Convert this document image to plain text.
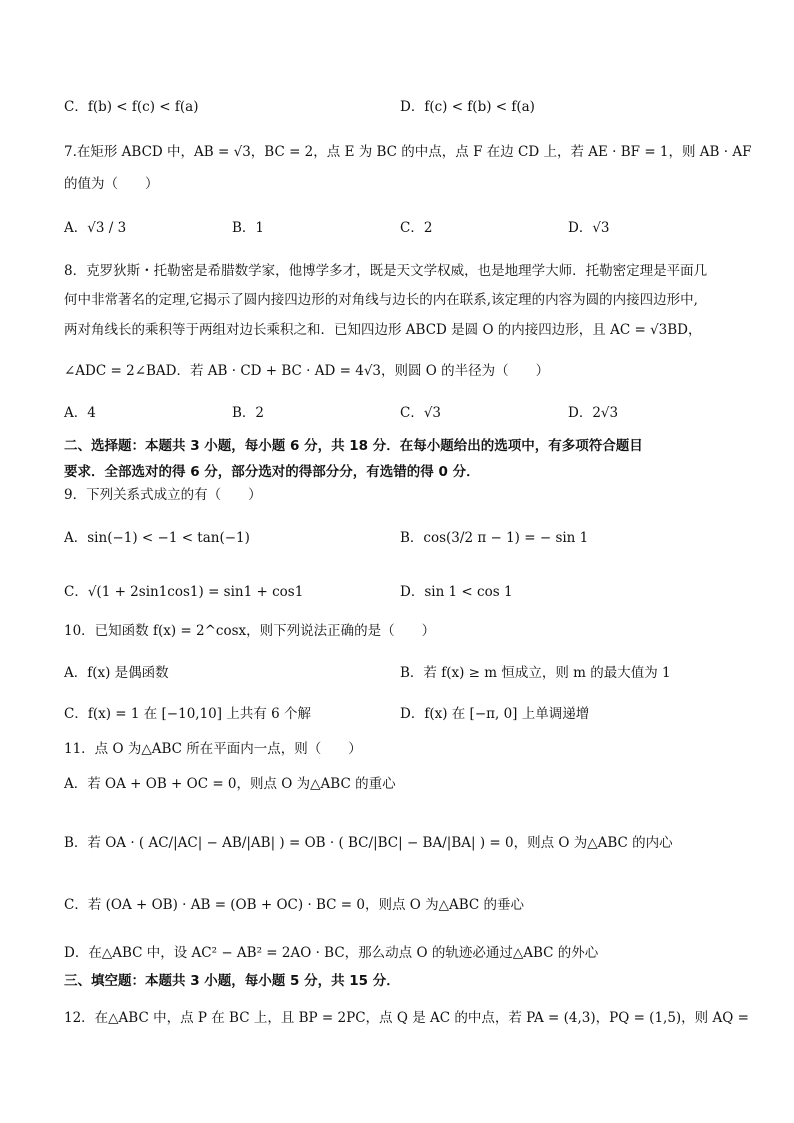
C．f(b) < f(c) < f(a)	D．f(c) < f(b) < f(a)
7.在矩形 ABCD 中，AB = √3，BC = 2，点 E 为 BC 的中点，点 F 在边 CD 上，若 AE · BF = 1，则 AB · AF
的值为（　　）
A．√3 / 3	B．1	C．2	D．√3
8．克罗狄斯・托勒密是希腊数学家，他博学多才，既是天文学权威，也是地理学大师．托勒密定理是平面几
何中非常著名的定理,它揭示了圆内接四边形的对角线与边长的内在联系,该定理的内容为圆的内接四边形中,
两对角线长的乘积等于两组对边长乘积之和．已知四边形 ABCD 是圆 O 的内接四边形，且 AC = √3BD，
∠ADC = 2∠BAD．若 AB · CD + BC · AD = 4√3，则圆 O 的半径为（　　）
A．4	B．2	C．√3	D．2√3
二、选择题：本题共 3 小题，每小题 6 分，共 18 分．在每小题给出的选项中，有多项符合题目
要求．全部选对的得 6 分，部分选对的得部分分，有选错的得 0 分．
9．下列关系式成立的有（　　）
A．sin(−1) < −1 < tan(−1)	B．cos(3/2 π − 1) = − sin 1
C．√(1 + 2sin1cos1) = sin1 + cos1	D．sin 1 < cos 1
10．已知函数 f(x) = 2^cosx，则下列说法正确的是（　　）
A．f(x) 是偶函数	B．若 f(x) ≥ m 恒成立，则 m 的最大值为 1
C．f(x) = 1 在 [−10,10] 上共有 6 个解	D．f(x) 在 [−π, 0] 上单调递增
11．点 O 为△ABC 所在平面内一点，则（　　）
A．若 OA + OB + OC = 0，则点 O 为△ABC 的重心
B．若 OA · ( AC/|AC| − AB/|AB| ) = OB · ( BC/|BC| − BA/|BA| ) = 0，则点 O 为△ABC 的内心
C．若 (OA + OB) · AB = (OB + OC) · BC = 0，则点 O 为△ABC 的垂心
D．在△ABC 中，设 AC² − AB² = 2AO · BC，那么动点 O 的轨迹必通过△ABC 的外心
三、填空题：本题共 3 小题，每小题 5 分，共 15 分．
12．在△ABC 中，点 P 在 BC 上，且 BP = 2PC，点 Q 是 AC 的中点，若 PA = (4,3)，PQ = (1,5)，则 AQ =
